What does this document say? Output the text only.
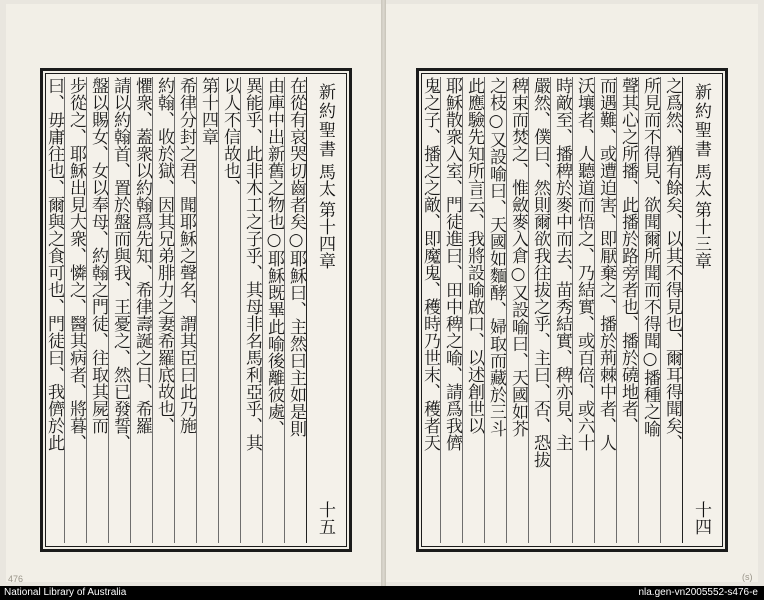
新約聖書
馬太
第十四章
十五
在從有哀哭切齒者矣○耶穌曰、主然曰主如是則
由庫中出新舊之物也○耶穌既畢此喻後離彼處、
異能乎、此非木工之子乎、其母非名馬利亞乎、其
以人不信故也、
第十四章
希律分封之君、聞耶穌之聲名、謂其臣曰此乃施
約翰、收於獄、因其兄弟腓力之妻希羅底故也、
懼衆、蓋衆以約翰爲先知、希律壽誕之日、希羅
請以約翰首、置於盤而與我、王憂之、然已發誓、
盤以賜女、女以奉母、約翰之門徒、往取其屍而
步從之、耶穌出見大衆、憐之、醫其病者、將暮、
曰、毋庸往也、爾與之食可也、門徒曰、我儕於此
坐草上、取五餅二魚、仰天祝謝、擘餅與門徒、門	新約聖書
馬太
第十三章
十四
之爲然、猶有餘矣、以其不得見也、爾耳得聞矣、
所見而不得見、欲聞爾所聞而不得聞○播種之喻
聲其心之所播、此播於路旁者也、播於磽地者、
而遇難、或遭迫害、即厭棄之、播於荊棘中者、人
沃壤者、人聽道而悟之、乃結實、或百倍、或六十
時敵至、播稗於麥中而去、苗秀結實、稗亦見、主
嚴然、僕曰、然則爾欲我往拔之乎、主曰、否、恐拔
稗束而焚之、惟斂麥入倉○又設喻曰、天國如芥
之枝○又設喻曰、天國如麵酵、婦取而藏於三斗
此應驗先知所言云、我將設喻啟口、以述創世以
耶穌散衆入室、門徒進曰、田中稗之喻、請爲我儕
鬼之子、播之之敵、即魔鬼、穫時乃世末、穫者天
子遣其使者、擇國中凡陷人於罪、及爲惡者、投諸
476	(s)
National Library of Australia	nla.gen-vn2005552-s476-e
